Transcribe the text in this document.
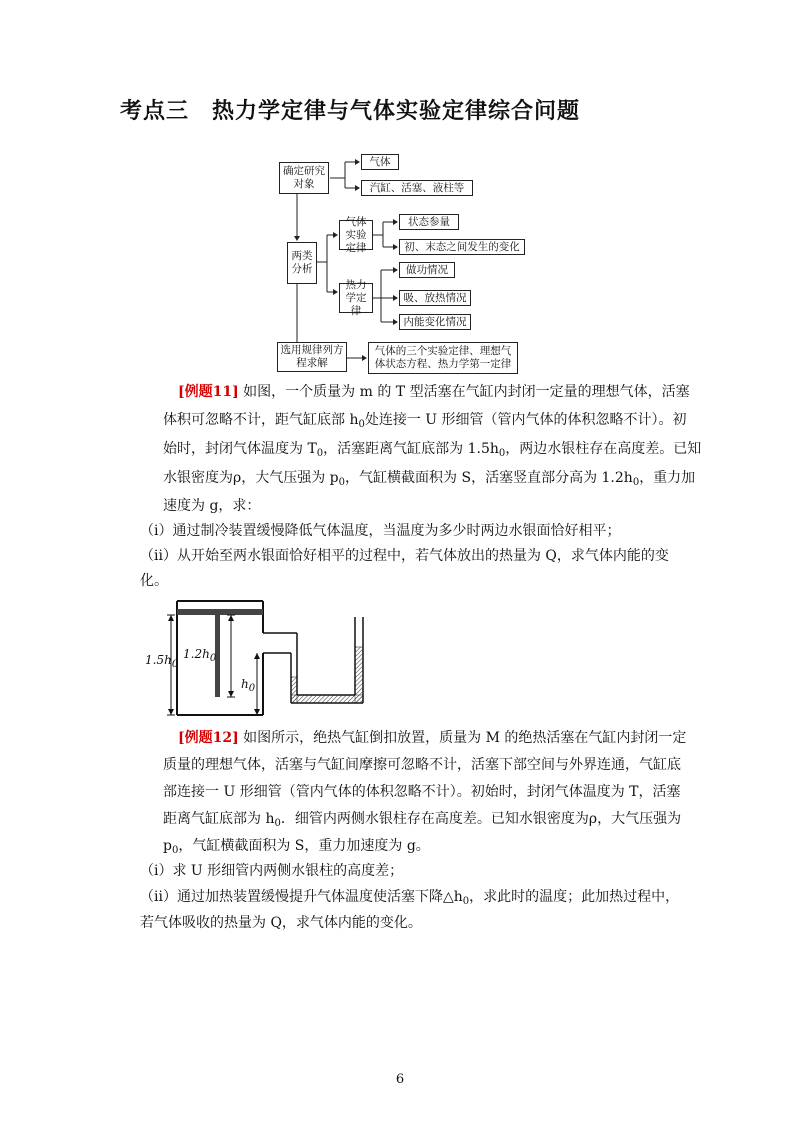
考点三　热力学定律与气体实验定律综合问题
确定研究对象
气体
汽缸、活塞、液柱等
两类分析
气体实验定律
状态参量
初、末态之间发生的变化
热力学定律
做功情况
吸、放热情况
内能变化情况
选用规律列方程求解
气体的三个实验定律、理想气体状态方程、热力学第一定律
[例题11] 如图，一个质量为 m 的 T 型活塞在气缸内封闭一定量的理想气体，活塞
体积可忽略不计，距气缸底部 $h_0$处连接一 U 形细管（管内气体的体积忽略不计）。初
始时，封闭气体温度为 $T_0$，活塞距离气缸底部为 $1.5h_0$，两边水银柱存在高度差。已知
水银密度为ρ，大气压强为 $p_0$，气缸横截面积为 S，活塞竖直部分高为 $1.2h_0$，重力加
速度为 g，求：
（i）通过制冷装置缓慢降低气体温度，当温度为多少时两边水银面恰好相平；
（ii）从开始至两水银面恰好相平的过程中，若气体放出的热量为 Q，求气体内能的变
化。
$1.5h_0$
$1.2h_0$
$h_0$
[例题12] 如图所示，绝热气缸倒扣放置，质量为 M 的绝热活塞在气缸内封闭一定
质量的理想气体，活塞与气缸间摩擦可忽略不计，活塞下部空间与外界连通，气缸底
部连接一 U 形细管（管内气体的体积忽略不计）。初始时，封闭气体温度为 T，活塞
距离气缸底部为 $h_0$．细管内两侧水银柱存在高度差。已知水银密度为ρ，大气压强为
$p_0$，气缸横截面积为 S，重力加速度为 g。
（i）求 U 形细管内两侧水银柱的高度差；
（ii）通过加热装置缓慢提升气体温度使活塞下降$\triangle h_0$，求此时的温度；此加热过程中，
若气体吸收的热量为 Q，求气体内能的变化。
6
